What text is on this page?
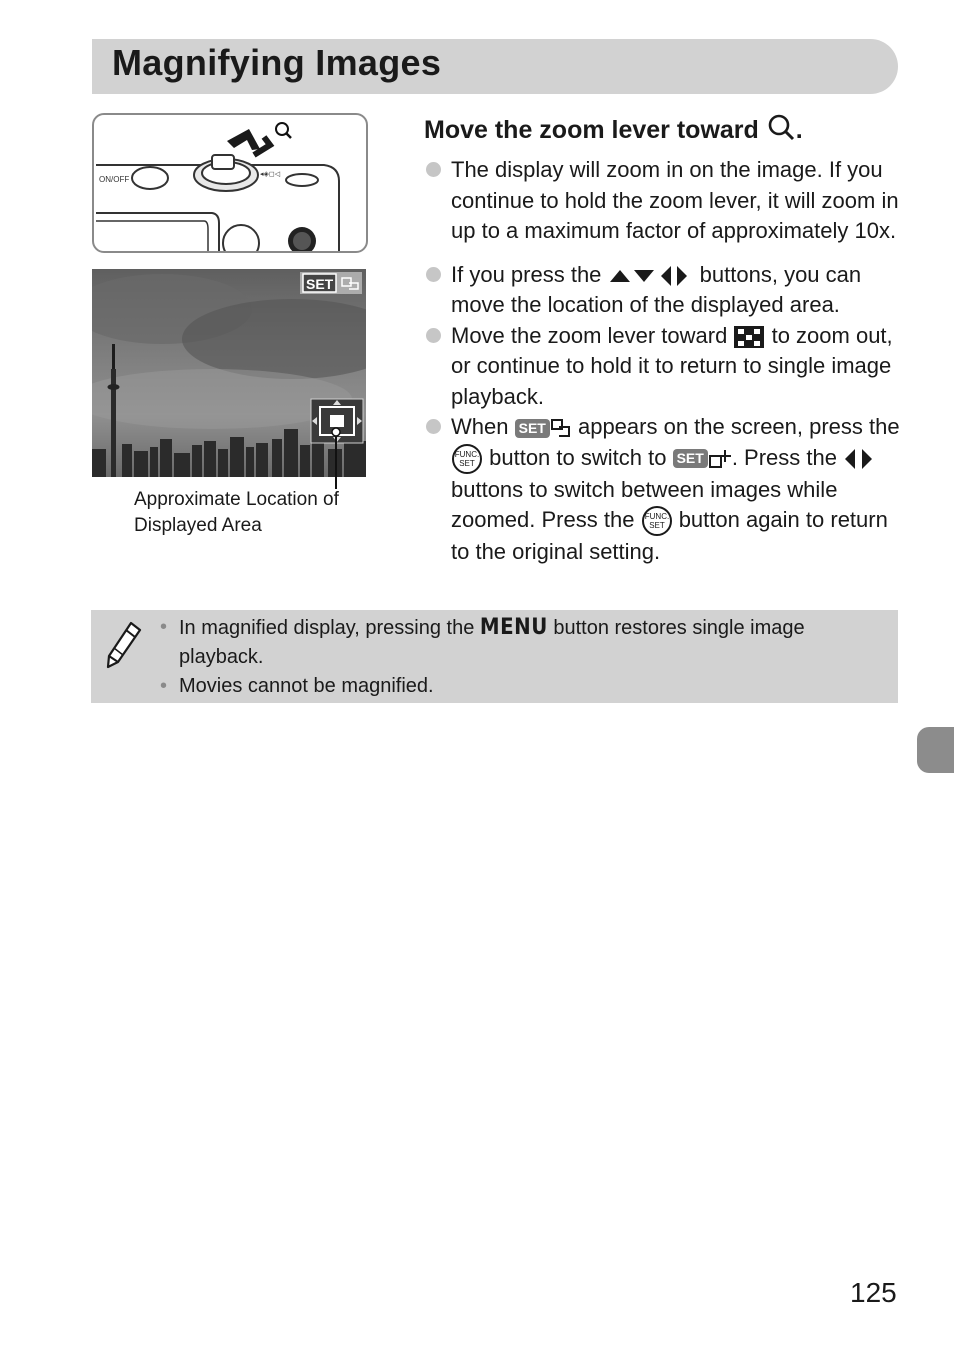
Magnifying Images
◂◈◻◁
ON/OFF
SET
Approximate Location of Displayed Area
Move the zoom lever toward .
The display will zoom in on the image. If you continue to hold the zoom lever, it will zoom in up to a maximum factor of approximately 10x.
If you press the	buttons, you can move the location of the displayed area.
Move the zoom lever toward to zoom out, or continue to hold it to return to single image playback.
When SET appears on the screen, press the
FUNC.
SET button to switch to SET . Press the  buttons to switch between images while zoomed. Press the FUNC.
SET button again to return to the original setting.
• In magnified display, pressing the MENU button restores single image playback.
• Movies cannot be magnified.
125
